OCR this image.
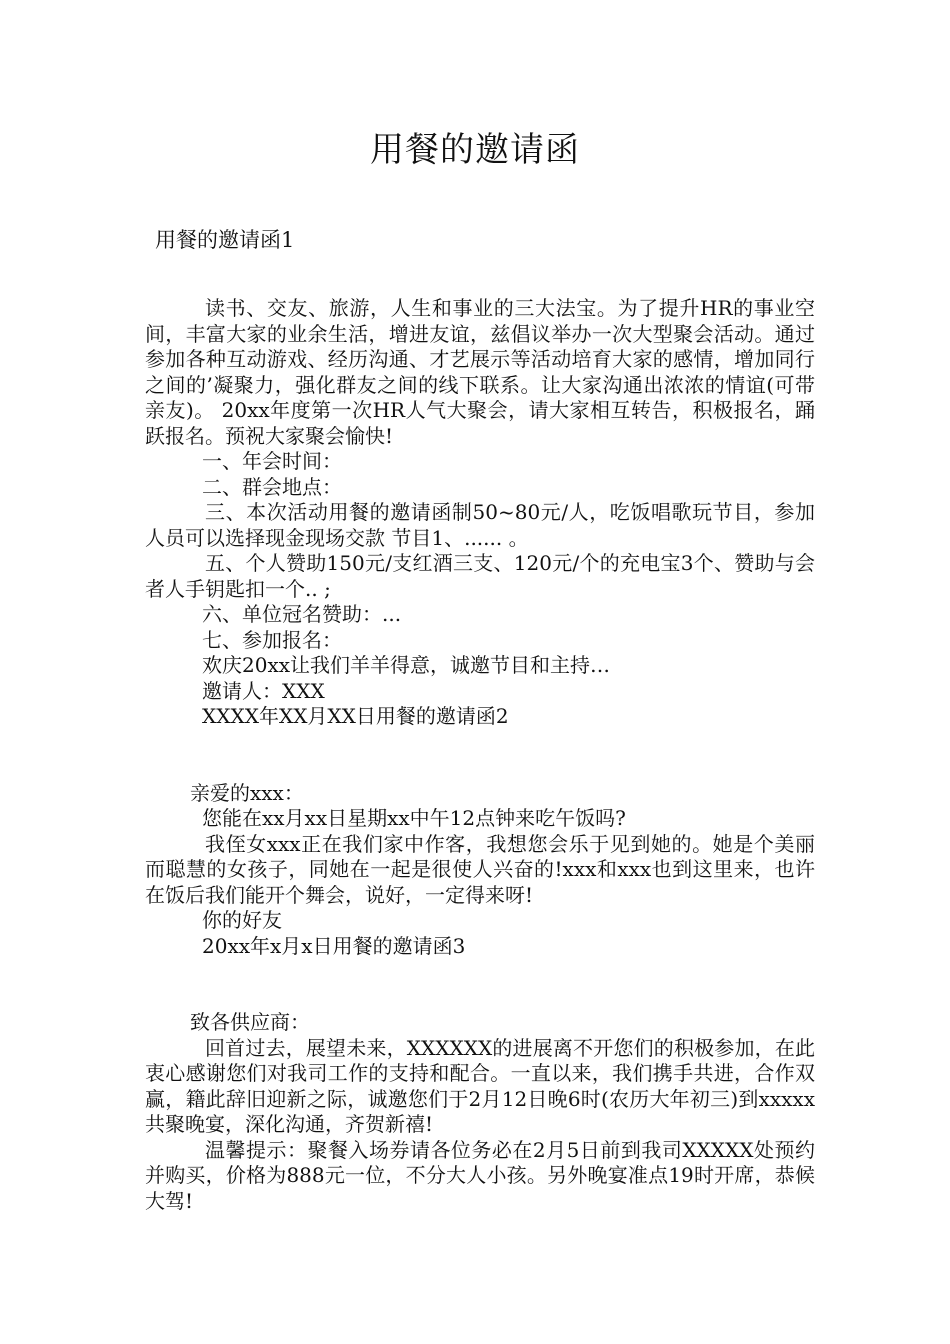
用餐的邀请函
用餐的邀请函1

读书、交友、旅游，人生和事业的三大法宝。为了提升HR的事业空间，丰富大家的业余生活，增进友谊，兹倡议举办一次大型聚会活动。通过参加各种互动游戏、经历沟通、才艺展示等活动培育大家的感情，增加同行之间的’凝聚力，强化群友之间的线下联系。让大家沟通出浓浓的情谊(可带亲友)。 20xx年度第一次HR人气大聚会，请大家相互转告，积极报名，踊跃报名。预祝大家聚会愉快!

一、年会时间：

二、群会地点：

三、本次活动用餐的邀请函制50~80元/人，吃饭唱歌玩节目，参加人员可以选择现金现场交款 节目1、...... 。

五、个人赞助150元/支红酒三支、120元/个的充电宝3个、赞助与会者人手钥匙扣一个.. ;

六、单位冠名赞助：...

七、参加报名：

欢庆20xx让我们羊羊得意，诚邀节目和主持…

邀请人：XXX

XXXX年XX月XX日用餐的邀请函2

亲爱的xxx：

您能在xx月xx日星期xx中午12点钟来吃午饭吗?

我侄女xxx正在我们家中作客，我想您会乐于见到她的。她是个美丽而聪慧的女孩子，同她在一起是很使人兴奋的!xxx和xxx也到这里来，也许在饭后我们能开个舞会，说好，一定得来呀!

你的好友

20xx年x月x日用餐的邀请函3

致各供应商：

回首过去，展望未来，XXXXXX的进展离不开您们的积极参加，在此衷心感谢您们对我司工作的支持和配合。一直以来，我们携手共进，合作双赢，籍此辞旧迎新之际，诚邀您们于2月12日晚6时(农历大年初三)到xxxxx共聚晚宴，深化沟通，齐贺新禧!

温馨提示：聚餐入场券请各位务必在2月5日前到我司XXXXX处预约并购买，价格为888元一位，不分大人小孩。另外晚宴准点19时开席，恭候大驾!
